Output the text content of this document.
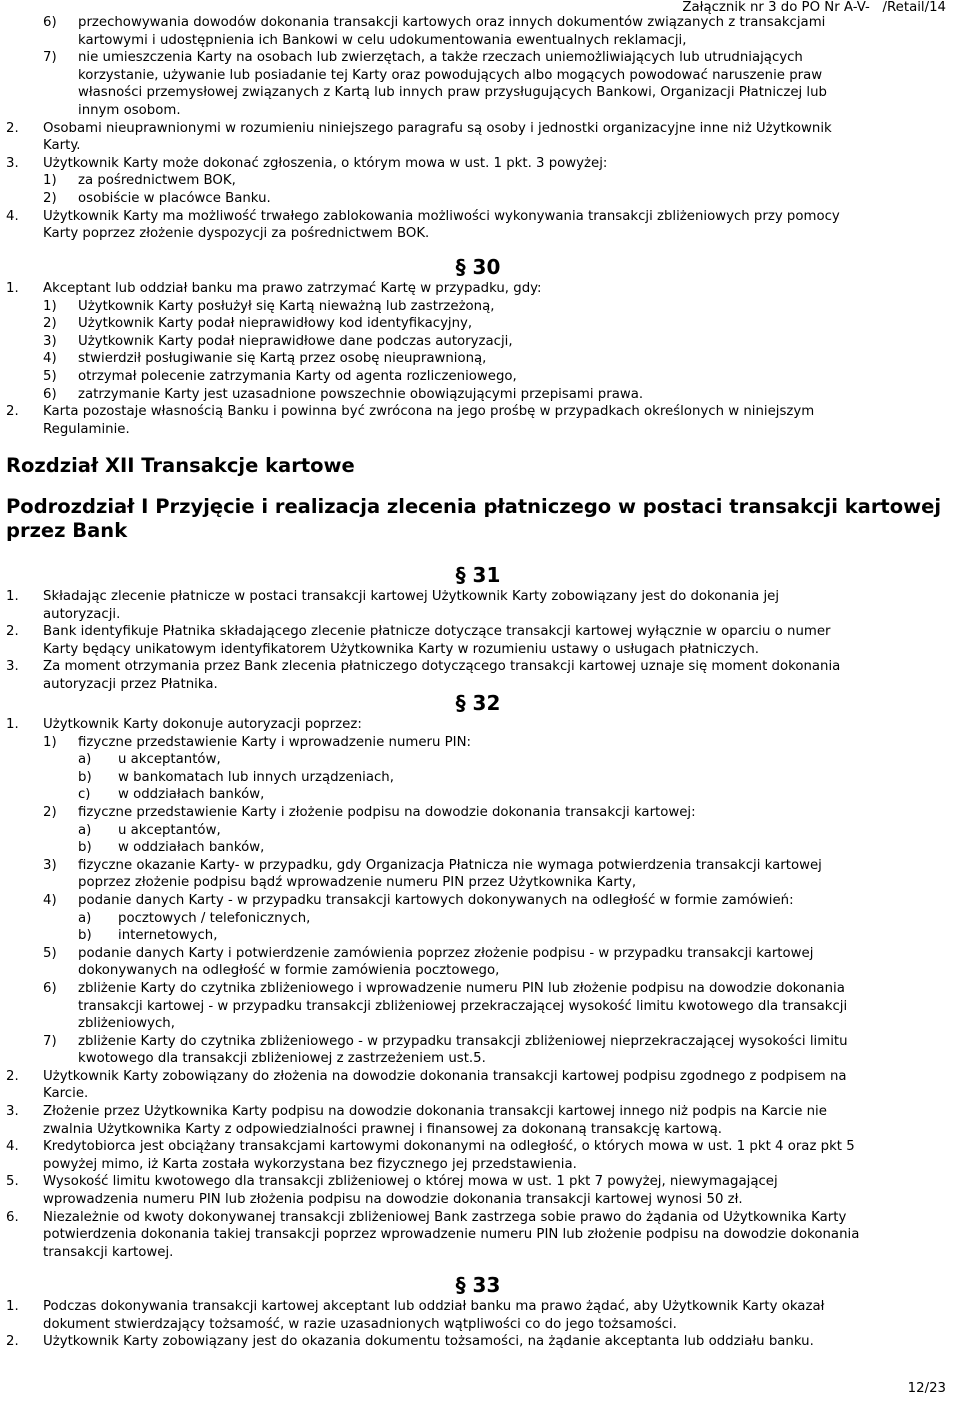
Załącznik nr 3 do PO Nr A-V- /Retail/14
6) przechowywania dowodów dokonania transakcji kartowych oraz innych dokumentów związanych z transakcjami
kartowymi i udostępnienia ich Bankowi w celu udokumentowania ewentualnych reklamacji,
7) nie umieszczenia Karty na osobach lub zwierzętach, a także rzeczach uniemożliwiających lub utrudniających
korzystanie, używanie lub posiadanie tej Karty oraz powodujących albo mogących powodować naruszenie praw
własności przemysłowej związanych z Kartą lub innych praw przysługujących Bankowi, Organizacji Płatniczej lub
innym osobom.
2. Osobami nieuprawnionymi w rozumieniu niniejszego paragrafu są osoby i jednostki organizacyjne inne niż Użytkownik
Karty.
3. Użytkownik Karty może dokonać zgłoszenia, o którym mowa w ust. 1 pkt. 3 powyżej:
1) za pośrednictwem BOK,
2) osobiście w placówce Banku.
4. Użytkownik Karty ma możliwość trwałego zablokowania możliwości wykonywania transakcji zbliżeniowych przy pomocy
Karty poprzez złożenie dyspozycji za pośrednictwem BOK.
§ 30
1. Akceptant lub oddział banku ma prawo zatrzymać Kartę w przypadku, gdy:
1) Użytkownik Karty posłużył się Kartą nieważną lub zastrzeżoną,
2) Użytkownik Karty podał nieprawidłowy kod identyfikacyjny,
3) Użytkownik Karty podał nieprawidłowe dane podczas autoryzacji,
4) stwierdził posługiwanie się Kartą przez osobę nieuprawnioną,
5) otrzymał polecenie zatrzymania Karty od agenta rozliczeniowego,
6) zatrzymanie Karty jest uzasadnione powszechnie obowiązującymi przepisami prawa.
2. Karta pozostaje własnością Banku i powinna być zwrócona na jego prośbę w przypadkach określonych w niniejszym
Regulaminie.
Rozdział XII Transakcje kartowe
Podrozdział I Przyjęcie i realizacja zlecenia płatniczego w postaci transakcji kartowej przez Bank
§ 31
1. Składając zlecenie płatnicze w postaci transakcji kartowej Użytkownik Karty zobowiązany jest do dokonania jej
autoryzacji.
2. Bank identyfikuje Płatnika składającego zlecenie płatnicze dotyczące transakcji kartowej wyłącznie w oparciu o numer
Karty będący unikatowym identyfikatorem Użytkownika Karty w rozumieniu ustawy o usługach płatniczych.
3. Za moment otrzymania przez Bank zlecenia płatniczego dotyczącego transakcji kartowej uznaje się moment dokonania
autoryzacji przez Płatnika.
§ 32
1. Użytkownik Karty dokonuje autoryzacji poprzez:
1) fizyczne przedstawienie Karty i wprowadzenie numeru PIN:
a) u akceptantów,
b) w bankomatach lub innych urządzeniach,
c) w oddziałach banków,
2) fizyczne przedstawienie Karty i złożenie podpisu na dowodzie dokonania transakcji kartowej:
a) u akceptantów,
b) w oddziałach banków,
3) fizyczne okazanie Karty- w przypadku, gdy Organizacja Płatnicza nie wymaga potwierdzenia transakcji kartowej
poprzez złożenie podpisu bądź wprowadzenie numeru PIN przez Użytkownika Karty,
4) podanie danych Karty - w przypadku transakcji kartowych dokonywanych na odległość w formie zamówień:
a) pocztowych / telefonicznych,
b) internetowych,
5) podanie danych Karty i potwierdzenie zamówienia poprzez złożenie podpisu - w przypadku transakcji kartowej
dokonywanych na odległość w formie zamówienia pocztowego,
6) zbliżenie Karty do czytnika zbliżeniowego i wprowadzenie numeru PIN lub złożenie podpisu na dowodzie dokonania
transakcji kartowej - w przypadku transakcji zbliżeniowej przekraczającej wysokość limitu kwotowego dla transakcji
zbliżeniowych,
7) zbliżenie Karty do czytnika zbliżeniowego - w przypadku transakcji zbliżeniowej nieprzekraczającej wysokości limitu
kwotowego dla transakcji zbliżeniowej z zastrzeżeniem ust.5.
2. Użytkownik Karty zobowiązany do złożenia na dowodzie dokonania transakcji kartowej podpisu zgodnego z podpisem na
Karcie.
3. Złożenie przez Użytkownika Karty podpisu na dowodzie dokonania transakcji kartowej innego niż podpis na Karcie nie
zwalnia Użytkownika Karty z odpowiedzialności prawnej i finansowej za dokonaną transakcję kartową.
4. Kredytobiorca jest obciążany transakcjami kartowymi dokonanymi na odległość, o których mowa w ust. 1 pkt 4 oraz pkt 5
powyżej mimo, iż Karta została wykorzystana bez fizycznego jej przedstawienia.
5. Wysokość limitu kwotowego dla transakcji zbliżeniowej o której mowa w ust. 1 pkt 7 powyżej, niewymagającej
wprowadzenia numeru PIN lub złożenia podpisu na dowodzie dokonania transakcji kartowej wynosi 50 zł.
6. Niezależnie od kwoty dokonywanej transakcji zbliżeniowej Bank zastrzega sobie prawo do żądania od Użytkownika Karty
potwierdzenia dokonania takiej transakcji poprzez wprowadzenie numeru PIN lub złożenie podpisu na dowodzie dokonania
transakcji kartowej.
§ 33
1. Podczas dokonywania transakcji kartowej akceptant lub oddział banku ma prawo żądać, aby Użytkownik Karty okazał
dokument stwierdzający tożsamość, w razie uzasadnionych wątpliwości co do jego tożsamości.
2. Użytkownik Karty zobowiązany jest do okazania dokumentu tożsamości, na żądanie akceptanta lub oddziału banku.
12/23
